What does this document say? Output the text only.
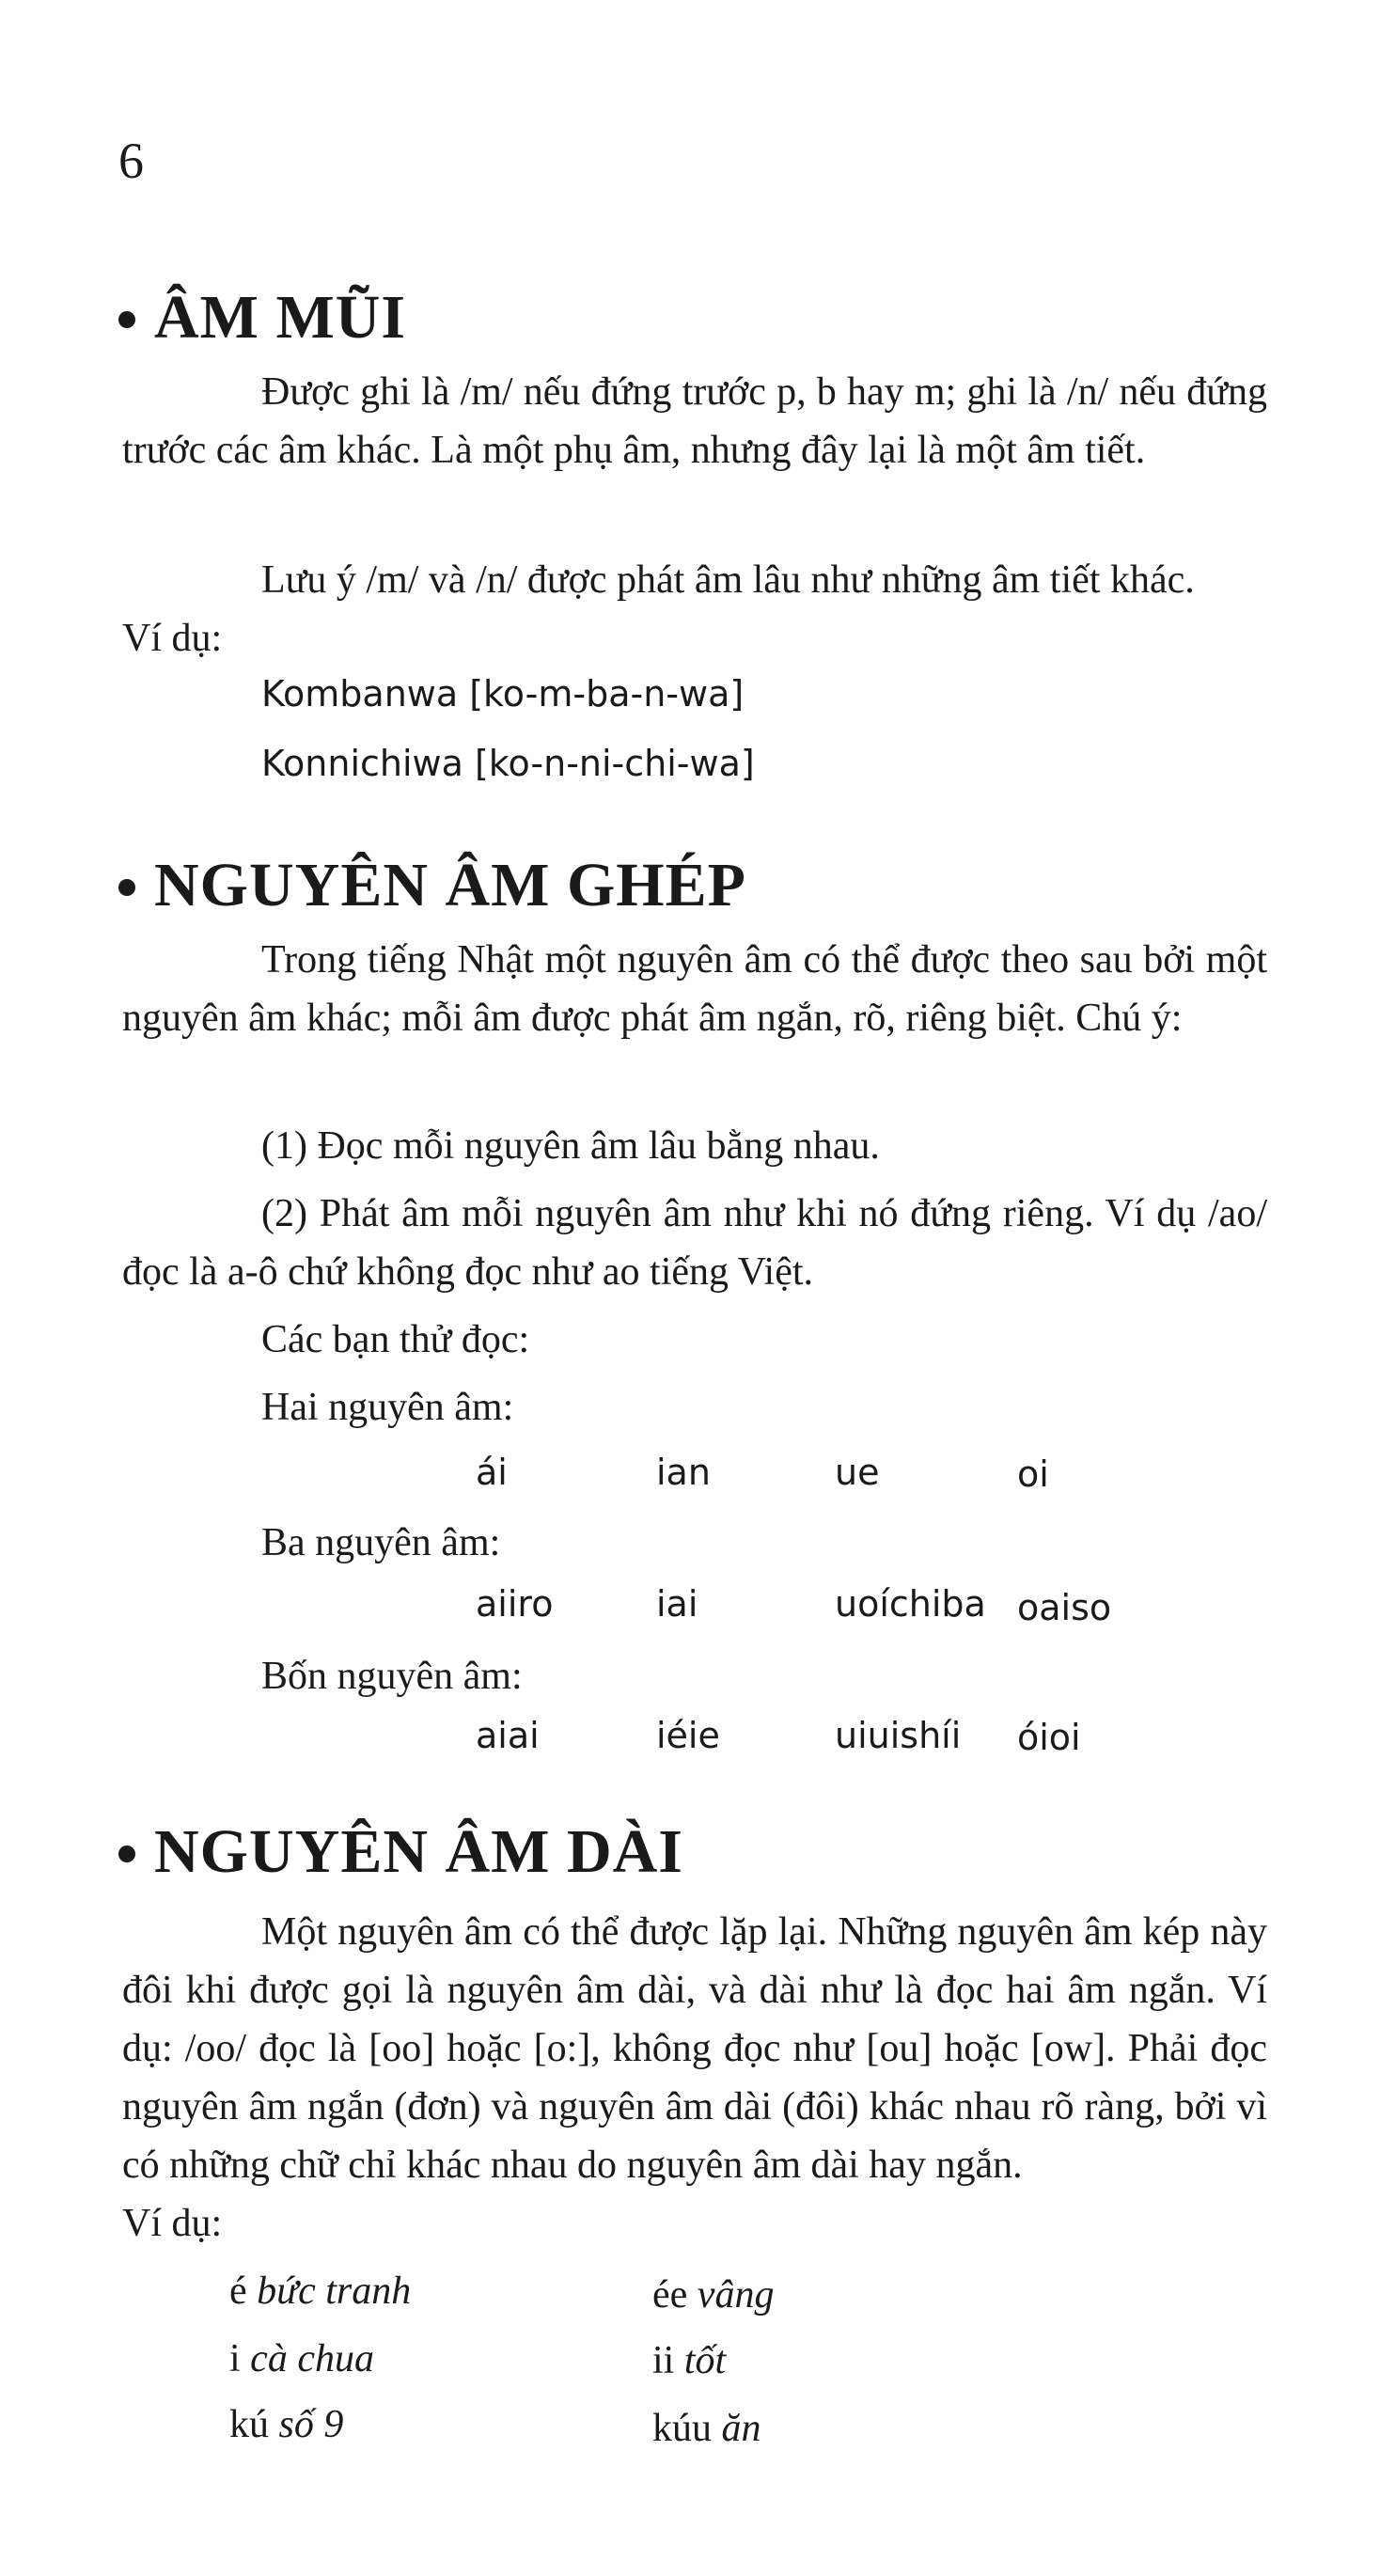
6
ÂM MŨI
Được ghi là /m/ nếu đứng trước p, b hay m; ghi là /n/ nếu đứng trước các âm khác. Là một phụ âm, nhưng đây lại là một âm tiết.
Lưu ý /m/ và /n/ được phát âm lâu như những âm tiết khác.
Ví dụ:
Kombanwa [ko-m-ba-n-wa]
Konnichiwa [ko-n-ni-chi-wa]
NGUYÊN ÂM GHÉP
Trong tiếng Nhật một nguyên âm có thể được theo sau bởi một nguyên âm khác; mỗi âm được phát âm ngắn, rõ, riêng biệt. Chú ý:
(1) Đọc mỗi nguyên âm lâu bằng nhau.
(2) Phát âm mỗi nguyên âm như khi nó đứng riêng. Ví dụ /ao/ đọc là a-ô chứ không đọc như ao tiếng Việt.
Các bạn thử đọc:
Hai nguyên âm:
ái	ian	ue	oi
Ba nguyên âm:
aiiro	iai	uoíchiba oaiso
Bốn nguyên âm:
aiai	iéie	uiuishíi óioi
NGUYÊN ÂM DÀI
Một nguyên âm có thể được lặp lại. Những nguyên âm kép này đôi khi được gọi là nguyên âm dài, và dài như là đọc hai âm ngắn. Ví dụ: /oo/ đọc là [oo] hoặc [o:], không đọc như [ou] hoặc [ow]. Phải đọc nguyên âm ngắn (đơn) và nguyên âm dài (đôi) khác nhau rõ ràng, bởi vì có những chữ chỉ khác nhau do nguyên âm dài hay ngắn.
Ví dụ:
é bức tranh	ée vâng
i cà chua	ii tốt
kú số 9	kúu ăn
